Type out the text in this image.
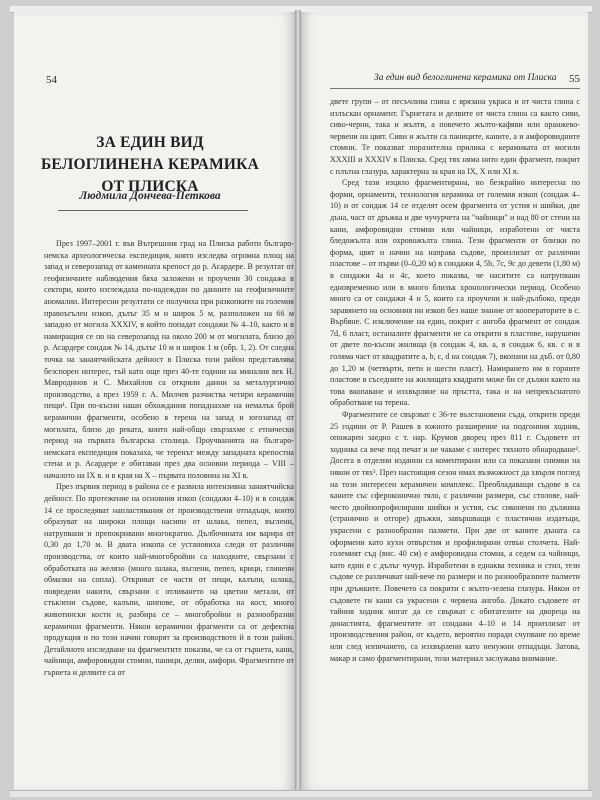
54
ЗА ЕДИН ВИД БЕЛОГЛИНЕНА КЕРАМИКА
ОТ ПЛИСКА
Людмила Дончева-Петкова

През 1997–2001 г. във Вътрешния град на Плиска работи българо-немска археологическа експедиция, която изследва огромна площ на запад и северозапад от каменната крепост до р. Асардере. В резултат от геофизичните наблюдения бяха заложени и проучени 30 сондажа в сектори, които изглеждаха по-надеждни по данните на геофизичните аномалии. Интересни резултати се получиха при разкопките на големия правоъгълен изкоп, дълъг 35 м и широк 5 м, разположен на 66 м западно от могила XXXIV, в който попадат сондажи № 4–10, както и в намиращия се по на северозапад на около 200 м от могилата, близо до р. Асардере сондаж № 14, дълъг 10 м и широк 1 м (обр. 1, 2). От следна точка на занаятчийската дейност в Плиска този район представлява безспорен интерес, тъй като още през 40-те години на миналия век Н. Мавродинов и С. Михайлов са открили данни за металургично производство, а през 1959 г. А. Милчев разчиства четири керамични пещи¹. При по-късни наши обхождания попаднахме на немалък брой керамични фрагменти, особено в терена на запад и югозапад от могилата, близо до реката, които най-общо свързахме с етнически период на първата българска столица. Проучванията на българо-немската експедиция показаха, че теренът между западната крепостна стена и р. Асардере е обитаван през два основни периода – VIII – началото на IX в. и в края на X – първата половина на XI в.

През първия период в района се е развила интензивна занаятчийска дейност. По протежение на основния изкоп (сондажи 4–10) и в сондаж 14 се проследяват напластявания от производствени отпадъци, които образуват на широки площи насипи от шлака, пепел, въглени, натрупвани и препокривани многократно. Дълбочината им варира от 0,30 до 1,70 м. В двата изкопа се установиха следи от различни производства, от които най-многобройни са находките, свързани с обработката на желязо (много шлака, въглени, пепел, крици, глинени обмазки на сопла). Откриват се части от пещи, калъпи, шлака, повредени накити, свързани с отливането на цветни метали, от стъклени съдове, калъпи, шипове, от обработка на кост, много животински кости и, разбира се – многобройни и разнообразни керамични фрагменти. Някои керамични фрагменти са от дефектна продукция и по този начин говорят за производството й в този район. Детайлното изследване на фрагментите показва, че са от гърнета, кани, чайници, амфоровидни стомни, паници, делви, амфори. Фрагментите от гърнета и делвите са от

За един вид белоглинена керамика от Плиска 55

двете групи – от песъчлива глина с врязана украса и от чиста глина с излъскан орнамент. Гърнетата и делвите от чиста глина са както сиви, сиво-черни, така и жълти, а повечето жълто-кафяви или оранжево-червени на цвят. Сиви и жълти са паниците, каните, а и амфоровидните стомни. Те показват поразителна прилика с керамиката от могили XXXIII и XXXIV в Плиска. Сред тях няма нито един фрагмент, покрит с плътна глазура, характерна за края на IX, X или XI в.

Сред тази изцяло фрагментирана, но безкрайно интересна по форми, орнаменти, технология керамика от големия изкоп (сондаж 4–10) и от сондаж 14 се отделят осем фрагмента от устия и шийки, две дъна, част от дръжка и две чучурчета на "чайници" и над 80 от стени на кани, амфоровидни стомни или чайници, изработени от чиста бледожълта или охровожълта глина. Тези фрагменти от близки по форма, цвят и начин на направа съдове, произлизат от различни пластове – от първи (0–0,20 м) в сондажи 4, 5b, 7c, 9c до девети (1,80 м) в сондажи 4а и 4с, което показва, че наситите са натрупвани едновременно или в много близък хронологически период. Особено много са от сондажи 4 и 5, които са проучени и най-дълбоко, преди заравянето на основния ни изкоп без наше знание от кооператорите в с. Върбяне. С изключение на един, покрит с ангоба фрагмент от сондаж 7d, 6 пласт, останалите фрагменти не са открити в пластове, нарушени от двете по-късни жилища (в сондаж 4, кв. а, в сондаж 6, кв. с и в голяма част от квадратите а, b, c, d на сондаж 7), вкопани на дъб. от 0,80 до 1,20 м (четвърти, пети и шести пласт). Намирането им в горните пластове в съседните на жилищата квадрати може би се дължи както на това вкопаване и изхвърляне на пръстта, така и на непрекъснатото обработване на терена.

Фрагментите се свързват с 36-те възстановени съда, открити преди 25 години от Р. Рашев в южното разширение на подгонния ходник, опожарен заедно с т. нар. Крумов дворец през 811 г. Съдовете от ходника са вече под печат и не чакаме с интерес тяхното обнародване². Досега в отделни изданни са коментирани или са показани снимки на някои от тях³. През настоящия сезон имах възможност да хвърля поглед на този интересен керамичен комплекс. Преобладаващи съдове в са каните със сфероконично тяло, с различни размери, със столове, най-често двойнопрофилирани шийки и устия, със сиконени по дължина (странично и отгоре) дръжки, завършващи с пластични издатъци, украсени с разнообразни палмети. При две от каните дъната са оформени като кухи отвърстия и профилирани отвън столчета. Най-големият съд (вис. 40 см) е амфоровидна стомна, а седем са чайници, като един е с дълъг чучур. Изработени в еднаква техника и стил, тези съдове се различават най-вече по размери и по разнообразните палмети при дръжките. Повечето са покрити с жълто-зелена глазура. Някои от съдовете ги кани са украсени с червена ангоба. Докато съдовете от тайния ходник могат да се свържат с обитателите на двореца на династията, фрагментите от сондажи 4–10 и 14 произлизат от производствения район, от където, вероятно поради счупване по време или след изпичането, са изхвърлени като ненужни отпадъци. Затова, макар и само фрагментирани, този материал заслужава внимание.
